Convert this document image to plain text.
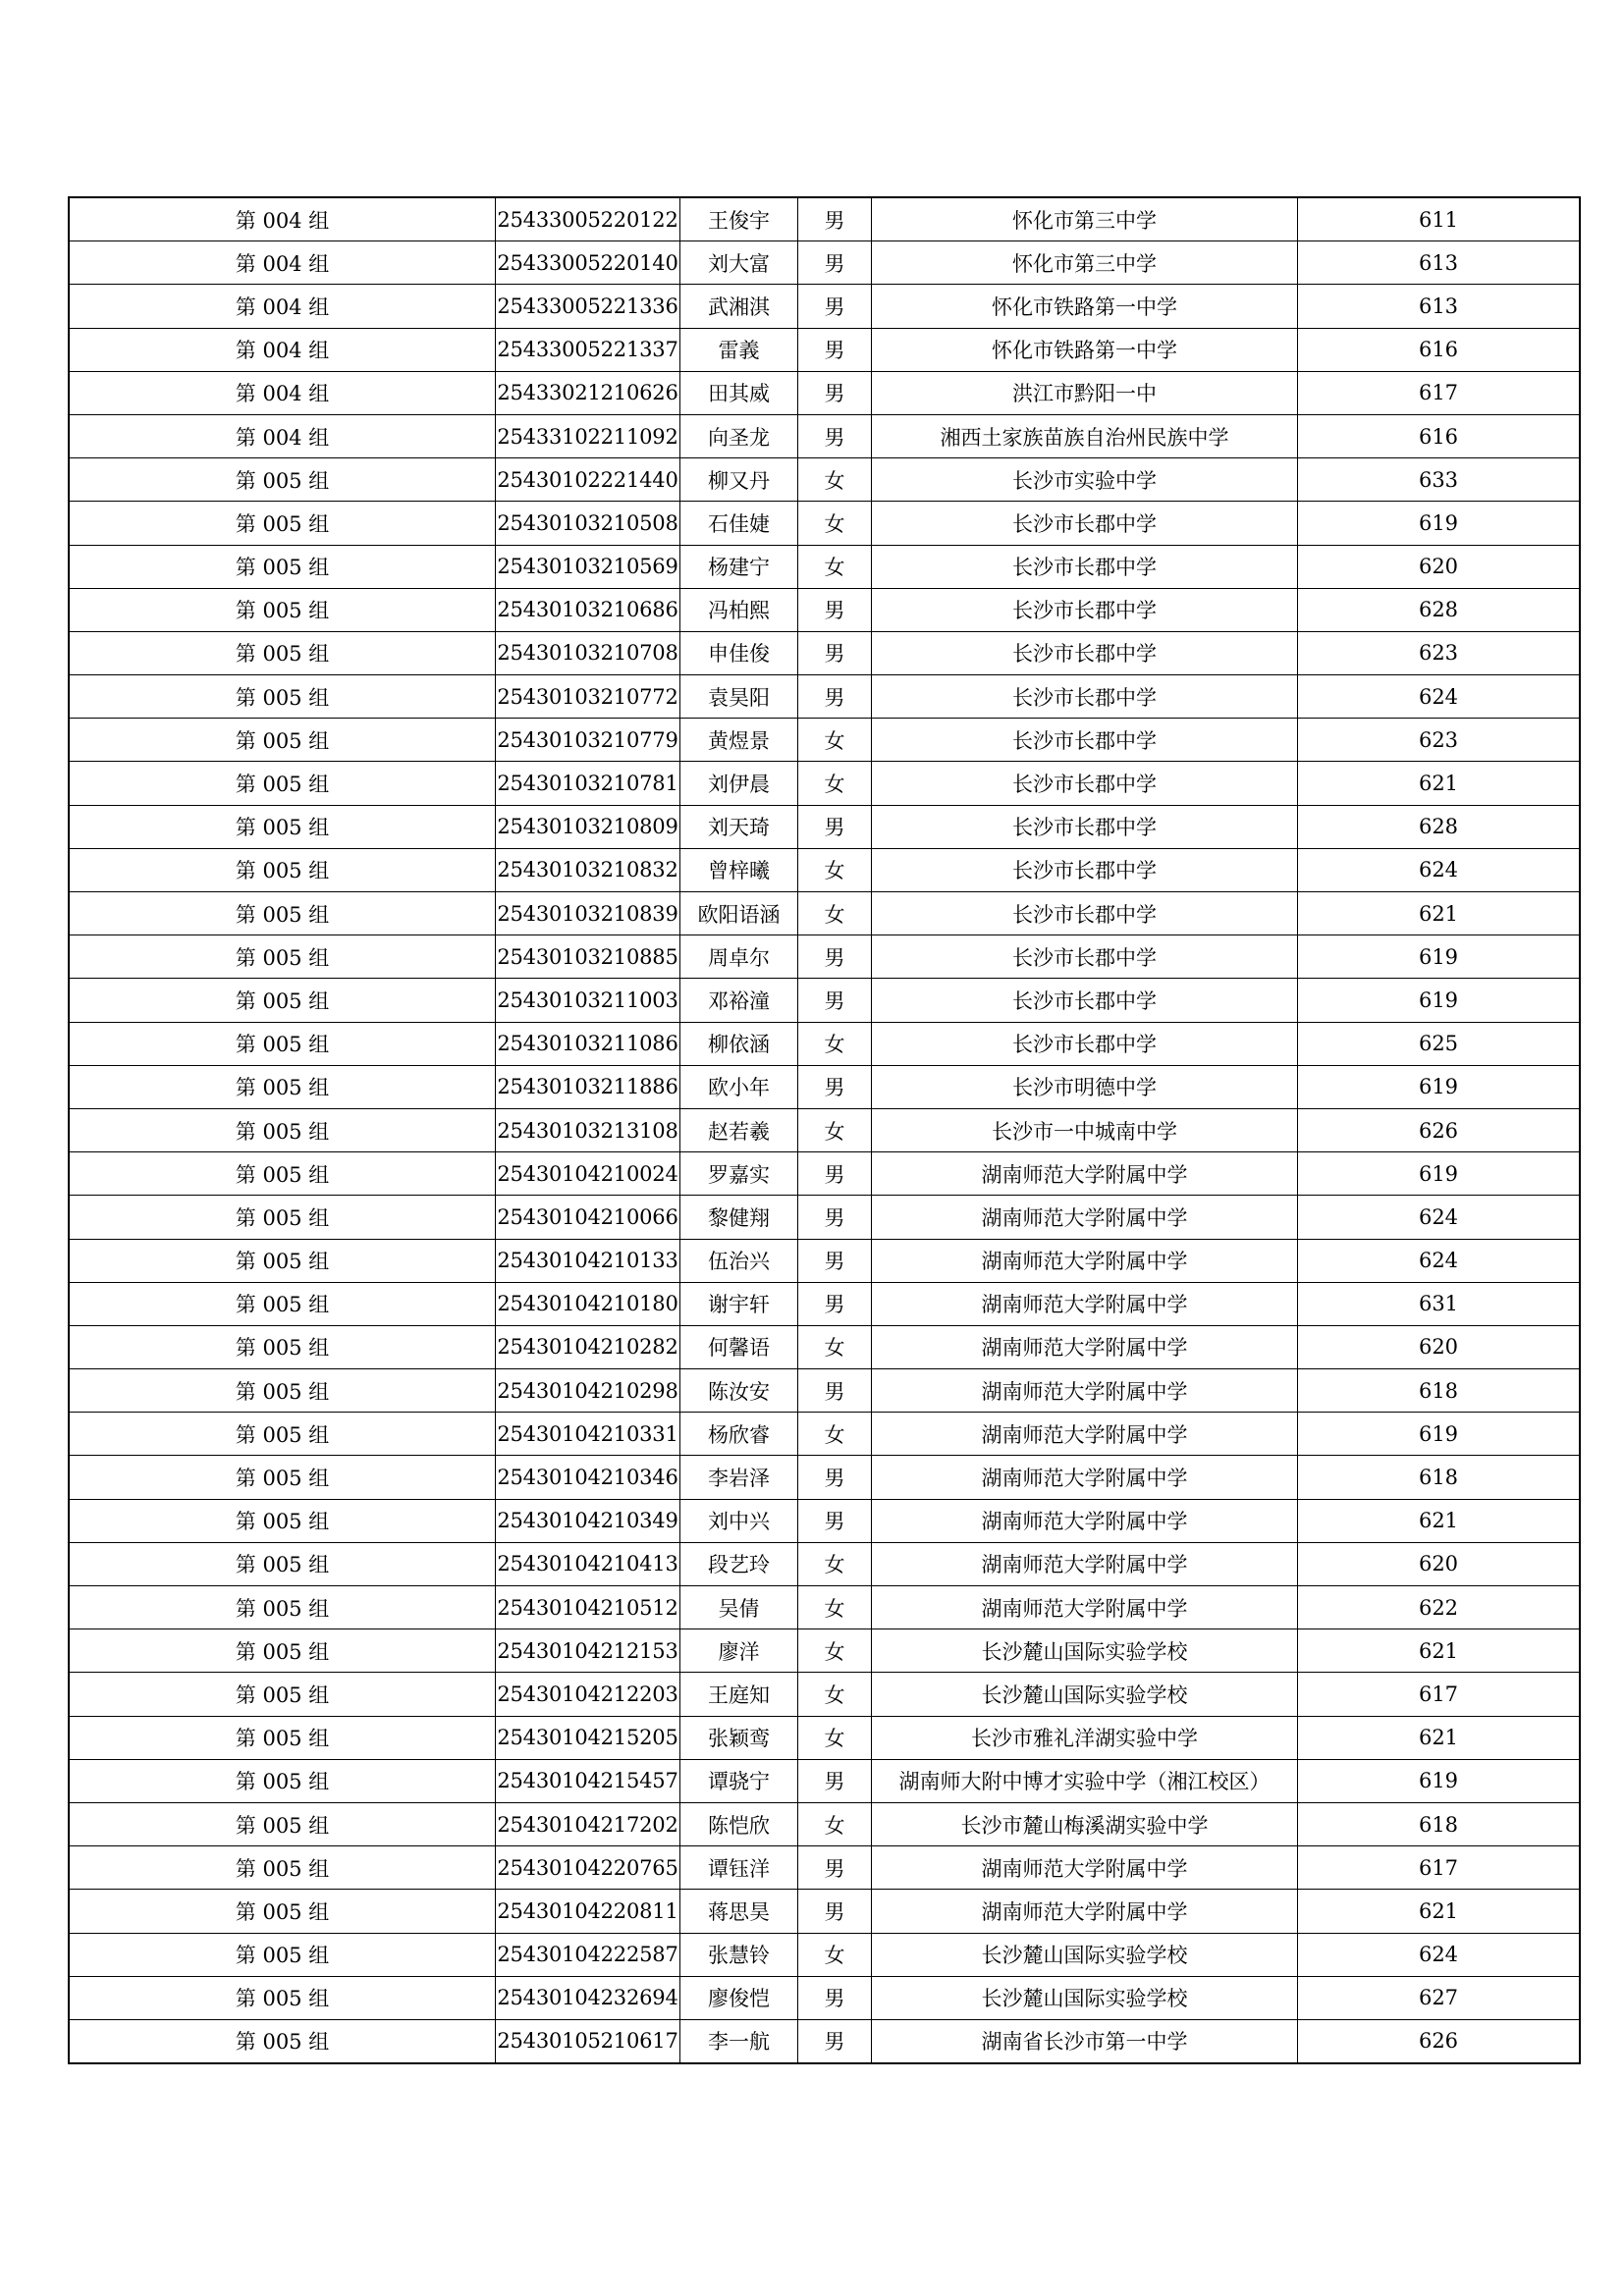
第 004 组	25433005220122	王俊宇	男	怀化市第三中学	611
第 004 组	25433005220140	刘大富	男	怀化市第三中学	613
第 004 组	25433005221336	武湘淇	男	怀化市铁路第一中学	613
第 004 组	25433005221337	雷義	男	怀化市铁路第一中学	616
第 004 组	25433021210626	田其威	男	洪江市黔阳一中	617
第 004 组	25433102211092	向圣龙	男	湘西土家族苗族自治州民族中学	616
第 005 组	25430102221440	柳又丹	女	长沙市实验中学	633
第 005 组	25430103210508	石佳婕	女	长沙市长郡中学	619
第 005 组	25430103210569	杨建宁	女	长沙市长郡中学	620
第 005 组	25430103210686	冯柏熙	男	长沙市长郡中学	628
第 005 组	25430103210708	申佳俊	男	长沙市长郡中学	623
第 005 组	25430103210772	袁昊阳	男	长沙市长郡中学	624
第 005 组	25430103210779	黄煜景	女	长沙市长郡中学	623
第 005 组	25430103210781	刘伊晨	女	长沙市长郡中学	621
第 005 组	25430103210809	刘天琦	男	长沙市长郡中学	628
第 005 组	25430103210832	曾梓曦	女	长沙市长郡中学	624
第 005 组	25430103210839	欧阳语涵	女	长沙市长郡中学	621
第 005 组	25430103210885	周卓尔	男	长沙市长郡中学	619
第 005 组	25430103211003	邓裕潼	男	长沙市长郡中学	619
第 005 组	25430103211086	柳依涵	女	长沙市长郡中学	625
第 005 组	25430103211886	欧小年	男	长沙市明德中学	619
第 005 组	25430103213108	赵若羲	女	长沙市一中城南中学	626
第 005 组	25430104210024	罗嘉实	男	湖南师范大学附属中学	619
第 005 组	25430104210066	黎健翔	男	湖南师范大学附属中学	624
第 005 组	25430104210133	伍治兴	男	湖南师范大学附属中学	624
第 005 组	25430104210180	谢宇轩	男	湖南师范大学附属中学	631
第 005 组	25430104210282	何馨语	女	湖南师范大学附属中学	620
第 005 组	25430104210298	陈汝安	男	湖南师范大学附属中学	618
第 005 组	25430104210331	杨欣睿	女	湖南师范大学附属中学	619
第 005 组	25430104210346	李岩泽	男	湖南师范大学附属中学	618
第 005 组	25430104210349	刘中兴	男	湖南师范大学附属中学	621
第 005 组	25430104210413	段艺玲	女	湖南师范大学附属中学	620
第 005 组	25430104210512	吴倩	女	湖南师范大学附属中学	622
第 005 组	25430104212153	廖洋	女	长沙麓山国际实验学校	621
第 005 组	25430104212203	王庭知	女	长沙麓山国际实验学校	617
第 005 组	25430104215205	张颖鸾	女	长沙市雅礼洋湖实验中学	621
第 005 组	25430104215457	谭骁宁	男	湖南师大附中博才实验中学（湘江校区）	619
第 005 组	25430104217202	陈恺欣	女	长沙市麓山梅溪湖实验中学	618
第 005 组	25430104220765	谭钰洋	男	湖南师范大学附属中学	617
第 005 组	25430104220811	蒋思昊	男	湖南师范大学附属中学	621
第 005 组	25430104222587	张慧铃	女	长沙麓山国际实验学校	624
第 005 组	25430104232694	廖俊恺	男	长沙麓山国际实验学校	627
第 005 组	25430105210617	李一航	男	湖南省长沙市第一中学	626
